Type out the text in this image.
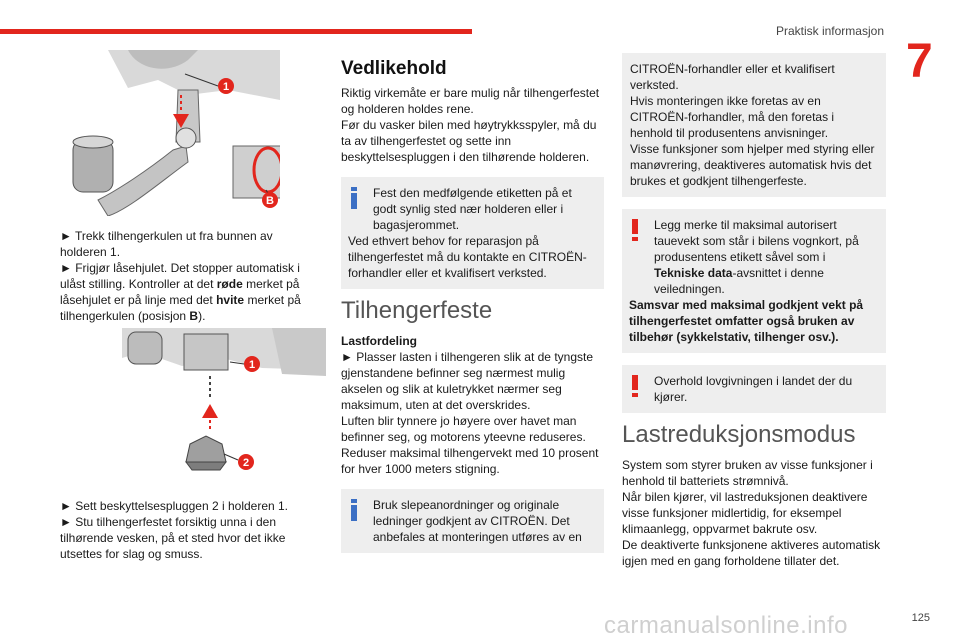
Praktisk informasjon
7
1
B

► Trekk tilhengerkulen ut fra bunnen av holderen 1.

► Frigjør låsehjulet. Det stopper automatisk i ulåst stilling. Kontroller at det røde merket på låsehjulet er på linje med det hvite merket på tilhengerkulen (posisjon B).

1
2

► Sett beskyttelsespluggen 2 i holderen 1.

► Stu tilhengerfestet forsiktig unna i den tilhørende vesken, på et sted hvor det ikke utsettes for slag og smuss.

Vedlikehold

Riktig virkemåte er bare mulig når tilhengerfestet og holderen holdes rene.

Før du vasker bilen med høytrykksspyler, må du ta av tilhengerfestet og sette inn beskyttelsespluggen i den tilhørende holderen.

Fest den medfølgende etiketten på et godt synlig sted nær holderen eller i bagasjerommet.
Ved ethvert behov for reparasjon på tilhengerfestet må du kontakte en CITROËN-forhandler eller et kvalifisert verksted.
Tilhengerfeste

Lastfordeling

► Plasser lasten i tilhengeren slik at de tyngste gjenstandene befinner seg nærmest mulig akselen og slik at kuletrykket nærmer seg maksimum, uten at det overskrides.

Luften blir tynnere jo høyere over havet man befinner seg, og motorens yteevne reduseres. Reduser maksimal tilhengervekt med 10 prosent for hver 1000 meters stigning.

Bruk slepeanordninger og originale ledninger godkjent av CITROËN. Det anbefales at monteringen utføres av en

CITROËN-forhandler eller et kvalifisert verksted.

Hvis monteringen ikke foretas av en CITROËN-forhandler, må den foretas i henhold til produsentens anvisninger.

Visse funksjoner som hjelper med styring eller manøvrering, deaktiveres automatisk hvis det brukes et godkjent tilhengerfeste.

Legg merke til maksimal autorisert tauevekt som står i bilens vognkort, på produsentens etikett såvel som i Tekniske data-avsnittet i denne veiledningen.
Samsvar med maksimal godkjent vekt på tilhengerfestet omfatter også bruken av tilbehør (sykkelstativ, tilhenger osv.).
Overhold lovgivningen i landet der du kjører.
Lastreduksjonsmodus

System som styrer bruken av visse funksjoner i henhold til batteriets strømnivå.

Når bilen kjører, vil lastreduksjonen deaktivere visse funksjoner midlertidig, for eksempel klimaanlegg, oppvarmet bakrute osv.

De deaktiverte funksjonene aktiveres automatisk igjen med en gang forholdene tillater det.

carmanualsonline.info	125
